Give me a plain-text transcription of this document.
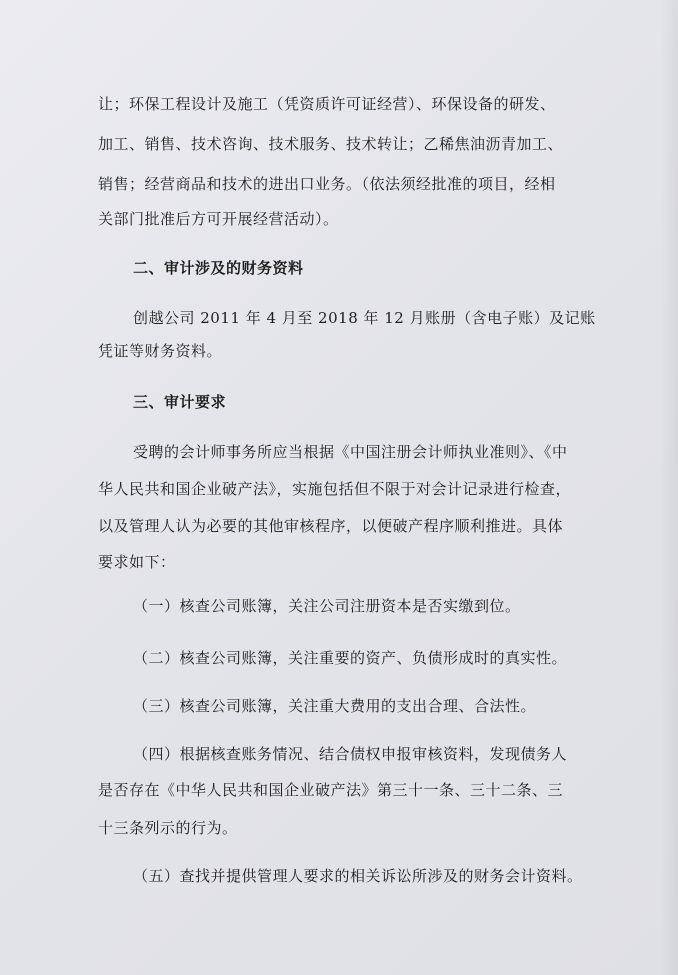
让；环保工程设计及施工（凭资质许可证经营）、环保设备的研发、
加工、销售、技术咨询、技术服务、技术转让；乙稀焦油沥青加工、
销售；经营商品和技术的进出口业务。（依法须经批准的项目，经相
关部门批准后方可开展经营活动）。
二、审计涉及的财务资料
创越公司 2011 年 4 月至 2018 年 12 月账册（含电子账）及记账
凭证等财务资料。
三、审计要求
受聘的会计师事务所应当根据《中国注册会计师执业准则》、《中
华人民共和国企业破产法》，实施包括但不限于对会计记录进行检查，
以及管理人认为必要的其他审核程序，以便破产程序顺利推进。具体
要求如下：
（一）核查公司账簿，关注公司注册资本是否实缴到位。
（二）核查公司账簿，关注重要的资产、负债形成时的真实性。
（三）核查公司账簿，关注重大费用的支出合理、合法性。
（四）根据核查账务情况、结合债权申报审核资料，发现债务人
是否存在《中华人民共和国企业破产法》第三十一条、三十二条、三
十三条列示的行为。
（五）查找并提供管理人要求的相关诉讼所涉及的财务会计资料。
